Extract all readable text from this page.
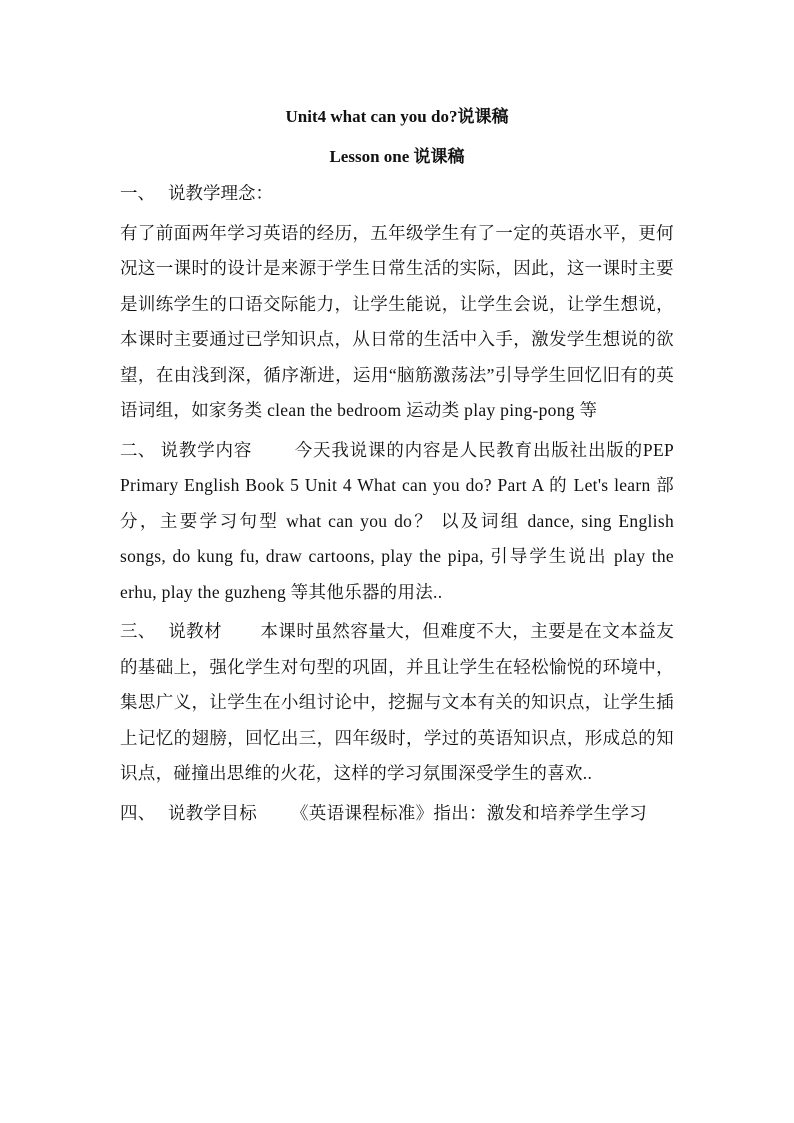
Unit4 what can you do?说课稿

Lesson one 说课稿

一、 说教学理念：

有了前面两年学习英语的经历，五年级学生有了一定的英语水平，更何况这一课时的设计是来源于学生日常生活的实际，因此，这一课时主要是训练学生的口语交际能力，让学生能说，让学生会说，让学生想说，本课时主要通过已学知识点，从日常的生活中入手，激发学生想说的欲望，在由浅到深，循序渐进，运用“脑筋激荡法”引导学生回忆旧有的英语词组，如家务类 clean the bedroom 运动类 play ping-pong 等

二、 说教学内容 今天我说课的内容是人民教育出版社出版的PEP Primary English Book 5 Unit 4 What can you do? Part A 的 Let's learn 部分，主要学习句型 what can you do？ 以及词组 dance, sing English songs, do kung fu, draw cartoons, play the pipa, 引导学生说出 play the erhu, play the guzheng 等其他乐器的用法..

三、 说教材 本课时虽然容量大，但难度不大，主要是在文本益友的基础上，强化学生对句型的巩固，并且让学生在轻松愉悦的环境中，集思广义，让学生在小组讨论中，挖掘与文本有关的知识点，让学生插上记忆的翅膀，回忆出三，四年级时，学过的英语知识点，形成总的知识点，碰撞出思维的火花，这样的学习氛围深受学生的喜欢..

四、 说教学目标 《英语课程标准》指出：激发和培养学生学习
